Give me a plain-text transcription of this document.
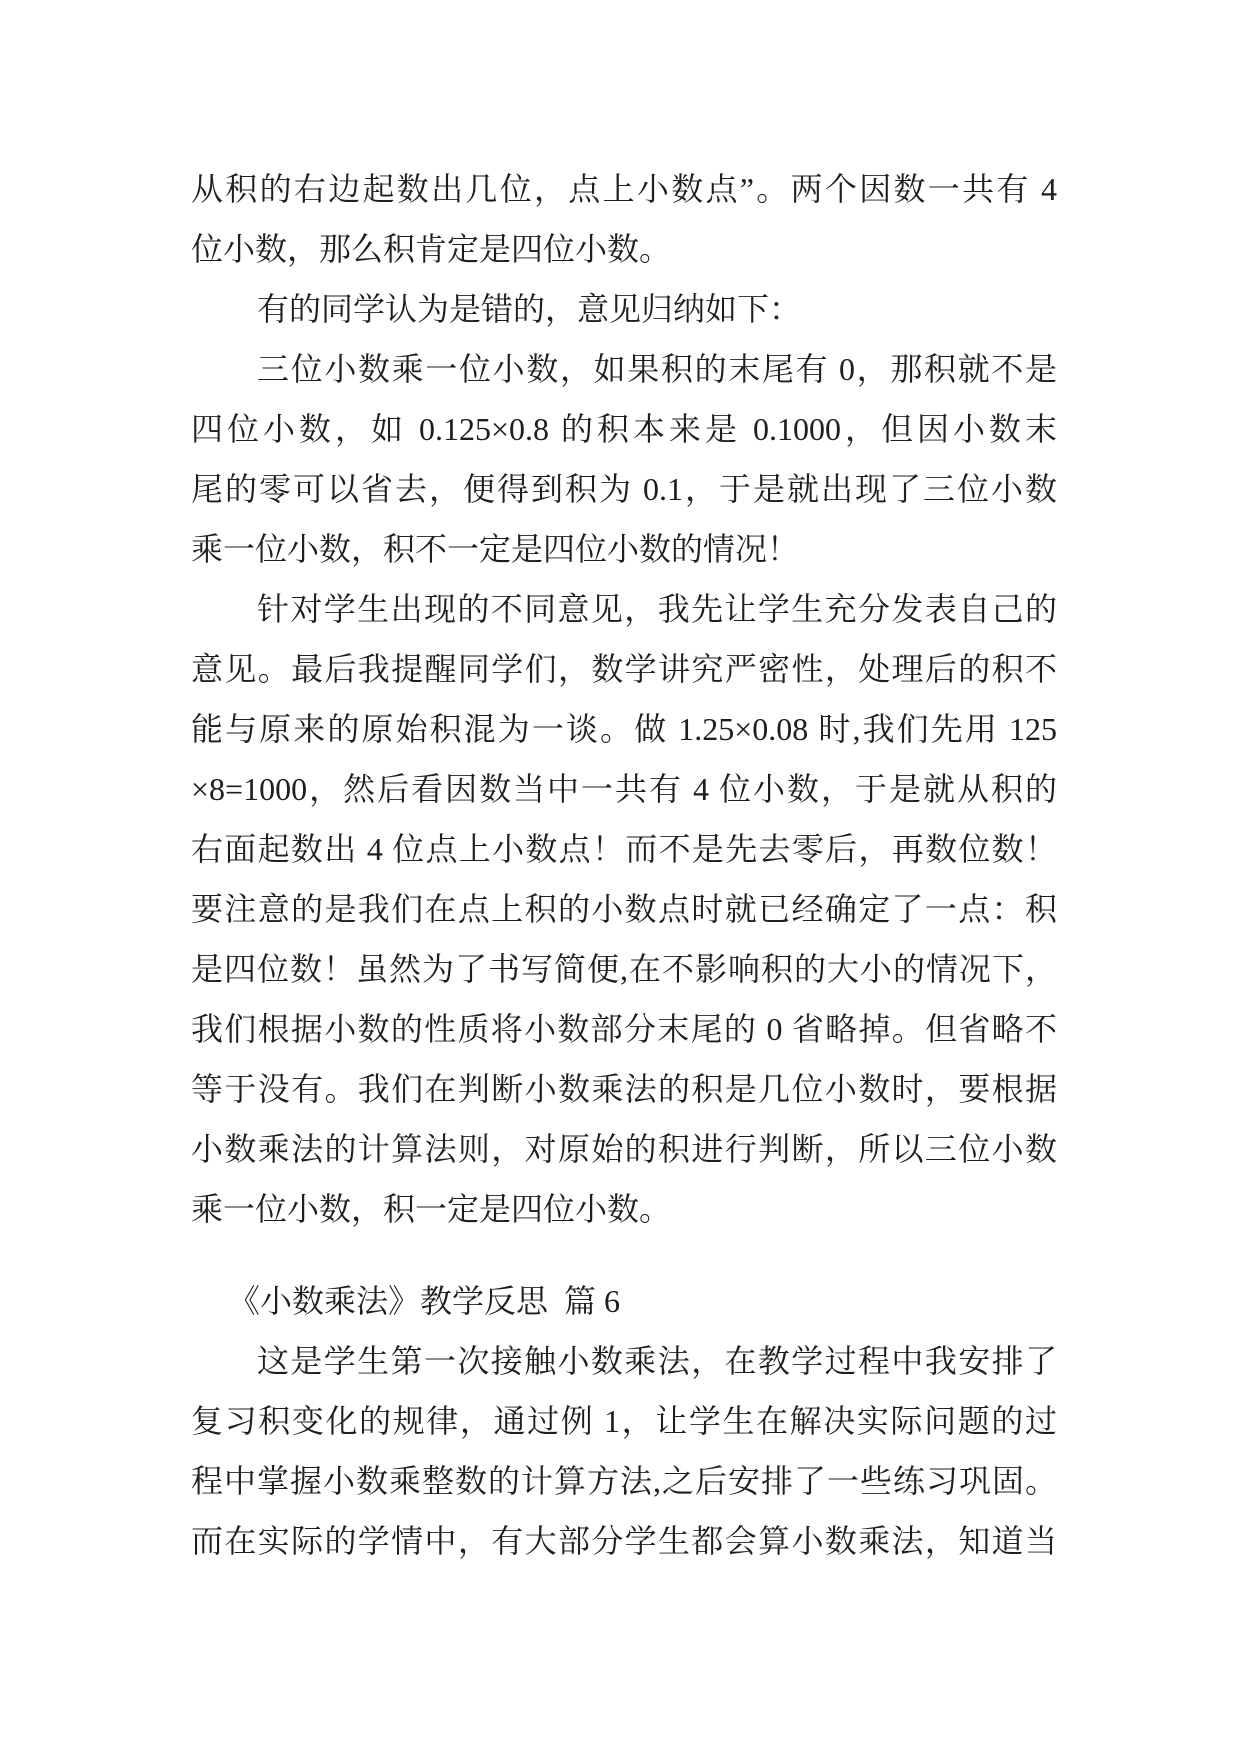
从积的右边起数出几位，点上小数点”。两个因数一共有 4
位小数，那么积肯定是四位小数。
有的同学认为是错的，意见归纳如下：
三位小数乘一位小数，如果积的末尾有 0，那积就不是
四位小数，如 0.125×0.8 的积本来是 0.1000，但因小数末
尾的零可以省去，便得到积为 0.1，于是就出现了三位小数
乘一位小数，积不一定是四位小数的情况！
针对学生出现的不同意见，我先让学生充分发表自己的
意见。最后我提醒同学们，数学讲究严密性，处理后的积不
能与原来的原始积混为一谈。做 1.25×0.08 时,我们先用 125
×8=1000，然后看因数当中一共有 4 位小数，于是就从积的
右面起数出 4 位点上小数点！而不是先去零后，再数位数！
要注意的是我们在点上积的小数点时就已经确定了一点：积
是四位数！虽然为了书写简便,在不影响积的大小的情况下，
我们根据小数的性质将小数部分末尾的 0 省略掉。但省略不
等于没有。我们在判断小数乘法的积是几位小数时，要根据
小数乘法的计算法则，对原始的积进行判断，所以三位小数
乘一位小数，积一定是四位小数。
《小数乘法》教学反思  篇 6
这是学生第一次接触小数乘法，在教学过程中我安排了
复习积变化的规律，通过例 1，让学生在解决实际问题的过
程中掌握小数乘整数的计算方法,之后安排了一些练习巩固。
而在实际的学情中，有大部分学生都会算小数乘法，知道当
